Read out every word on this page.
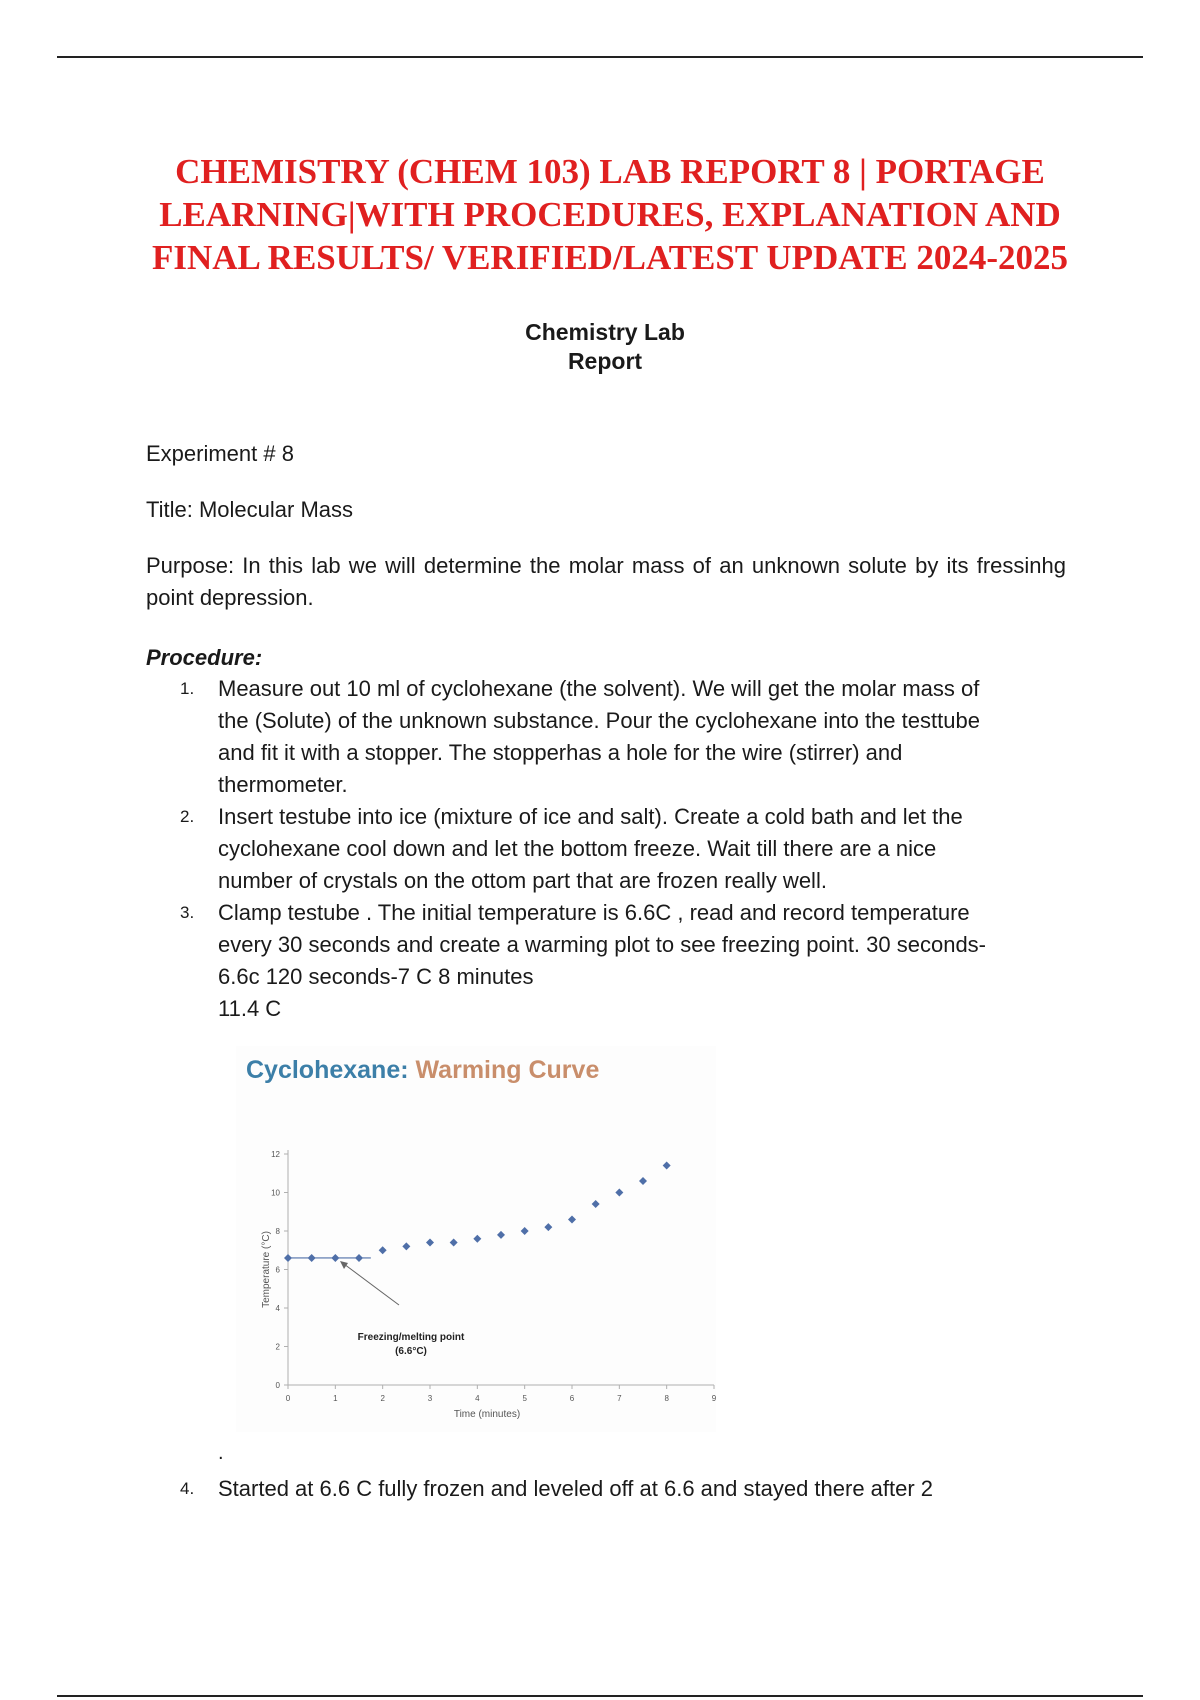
CHEMISTRY (CHEM 103) LAB REPORT 8 | PORTAGE
LEARNING|WITH PROCEDURES, EXPLANATION AND
FINAL RESULTS/ VERIFIED/LATEST UPDATE 2024-2025
Chemistry Lab
Report

Experiment # 8

Title: Molecular Mass

Purpose: In this lab we will determine the molar mass of an unknown solute by its fressinhg point depression.

Procedure:
1. Measure out 10 ml of cyclohexane (the solvent). We will get the molar mass of
the (Solute) of the unknown substance. Pour the cyclohexane into the testtube
and fit it with a stopper. The stopperhas a hole for the wire (stirrer) and
thermometer.
2. Insert testube into ice (mixture of ice and salt). Create a cold bath and let the
cyclohexane cool down and let the bottom freeze. Wait till there are a nice
number of crystals on the ottom part that are frozen really well.
3. Clamp testube . The initial temperature is 6.6C , read and record temperature
every 30 seconds and create a warming plot to see freezing point. 30 seconds-
6.6c 120 seconds-7 C 8 minutes
11.4 C
Cyclohexane: Warming Curve
0	1	2	3	4	5	6	7	8	9
0
2
4
6
8
10
12
Time (minutes)
Temperature (°C)
Freezing/melting point
(6.6°C)
.
4. Started at 6.6 C fully frozen and leveled off at 6.6 and stayed there after 2
